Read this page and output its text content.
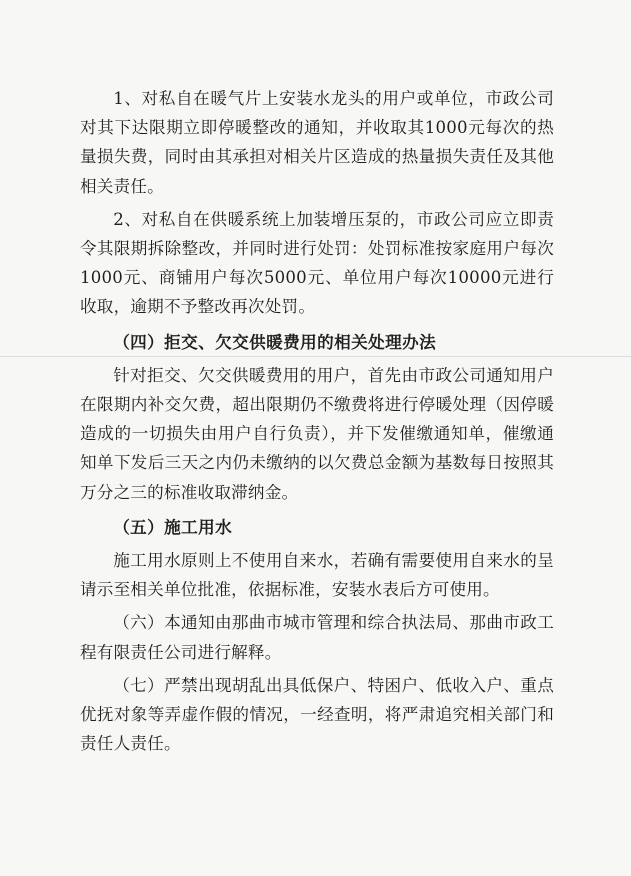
1、对私自在暖气片上安装水龙头的用户或单位，市政公司对其下达限期立即停暖整改的通知，并收取其1000元每次的热量损失费，同时由其承担对相关片区造成的热量损失责任及其他相关责任。

2、对私自在供暖系统上加装增压泵的，市政公司应立即责令其限期拆除整改，并同时进行处罚：处罚标准按家庭用户每次1000元、商铺用户每次5000元、单位用户每次10000元进行收取，逾期不予整改再次处罚。

（四）拒交、欠交供暖费用的相关处理办法

针对拒交、欠交供暖费用的用户，首先由市政公司通知用户在限期内补交欠费，超出限期仍不缴费将进行停暖处理（因停暖造成的一切损失由用户自行负责），并下发催缴通知单，催缴通知单下发后三天之内仍未缴纳的以欠费总金额为基数每日按照其万分之三的标准收取滞纳金。

（五）施工用水

施工用水原则上不使用自来水，若确有需要使用自来水的呈请示至相关单位批准，依据标准，安装水表后方可使用。

（六）本通知由那曲市城市管理和综合执法局、那曲市政工程有限责任公司进行解释。

（七）严禁出现胡乱出具低保户、特困户、低收入户、重点优抚对象等弄虚作假的情况，一经查明，将严肃追究相关部门和责任人责任。
